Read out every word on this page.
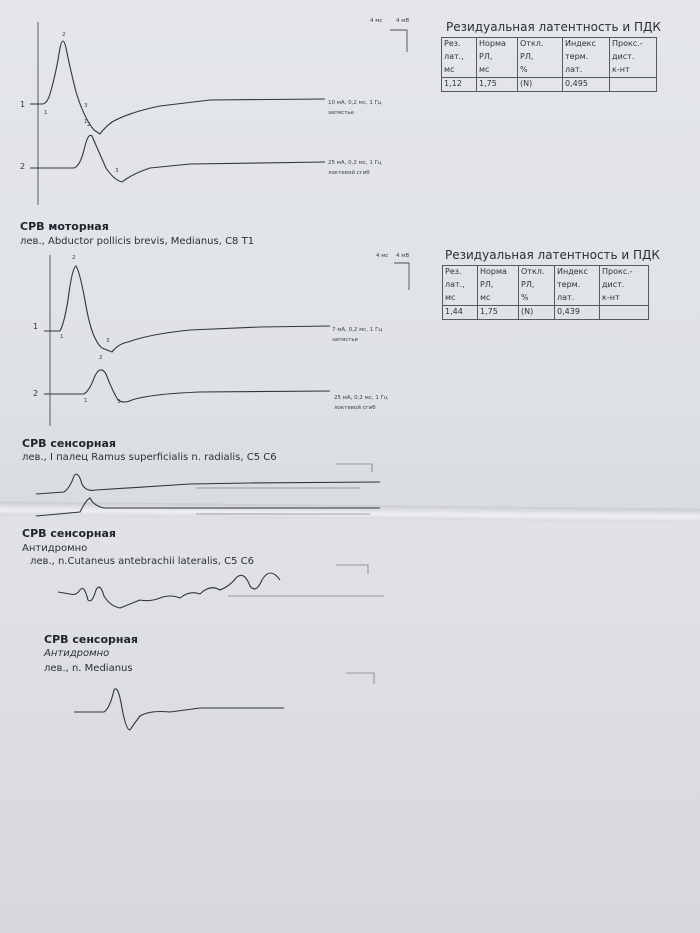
4 мс 4 мВ	Резидуальная латентность и ПДК
Рез.	Норма	Откл.	Индекс	Прокс.-
лат.,	РЛ,	РЛ,	терм.	дист.
мс	мс	%	лат.	к-нт
1,12	1,75	(N)	0,495	
1
2
10 мА, 0,2 мс, 1 Гц
запястье
25 мА, 0,2 мс, 1 Гц
локтевой сгиб
1
2
3
1 2
3
СРВ моторная
лев., Abductor pollicis brevis, Medianus, C8 T1
4 мс 4 мВ	Резидуальная латентность и ПДК
Рез.	Норма	Откл.	Индекс	Прокс.-
лат.,	РЛ,	РЛ,	терм.	дист.
мс	мс	%	лат.	к-нт
1,44	1,75	(N)	0,439	
1
2
7 мА, 0,2 мс, 1 Гц
запястье
25 мА, 0,2 мс, 1 Гц
локтевой сгиб
1
2
3
1
2
3
СРВ сенсорная
лев., I палец Ramus superficialis n. radialis, C5 C6
СРВ сенсорная
Антидромно
лев., n.Cutaneus antebrachii lateralis, C5 C6
СРВ сенсорная
Антидромно
лев., n. Medianus
